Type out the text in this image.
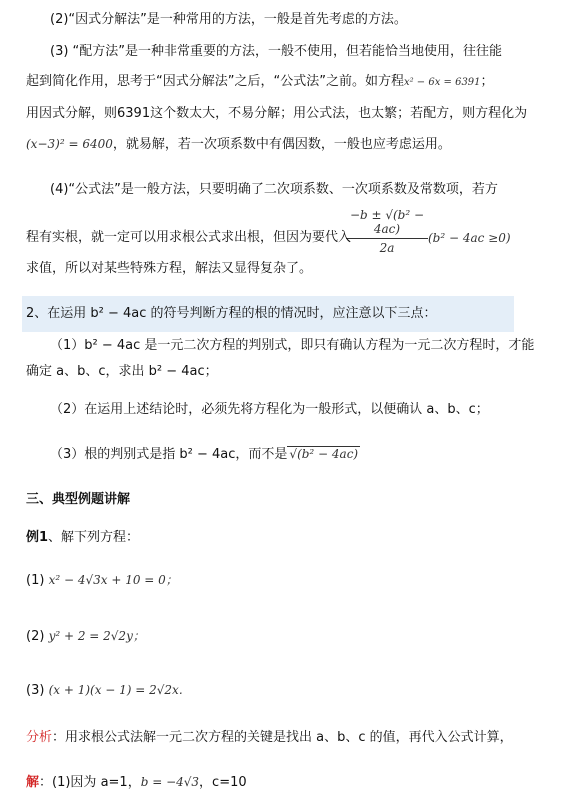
(2)“因式分解法”是一种常用的方法，一般是首先考虑的方法。
(3) “配方法”是一种非常重要的方法，一般不使用，但若能恰当地使用，往往能
起到简化作用，思考于“因式分解法”之后，“公式法”之前。如方程x² − 6x = 6391；
用因式分解，则6391这个数太大，不易分解；用公式法，也太繁；若配方，则方程化为
(x−3)² = 6400，就易解，若一次项系数中有偶因数，一般也应考虑运用。
(4)“公式法”是一般方法，只要明确了二次项系数、一次项系数及常数项，若方
−b ± √(b² − 4ac)
2a
程有实根，就一定可以用求根公式求出根，但因为要代入	(b² − 4ac ≥0)
求值，所以对某些特殊方程，解法又显得复杂了。
2、在运用 b² − 4ac 的符号判断方程的根的情况时，应注意以下三点：
（1）b² − 4ac 是一元二次方程的判别式，即只有确认方程为一元二次方程时，才能
确定 a、b、c，求出 b² − 4ac；
（2）在运用上述结论时，必须先将方程化为一般形式，以便确认 a、b、c；
（3）根的判别式是指 b² − 4ac，而不是 √(b² − 4ac)
三、典型例题讲解
例1、解下列方程：
(1) x² − 4√3x + 10 = 0；
(2) y² + 2 = 2√2y；
(3) (x + 1)(x − 1) = 2√2x.
分析：用求根公式法解一元二次方程的关键是找出 a、b、c 的值，再代入公式计算，
解：(1)因为 a=1，b = −4√3，c=10
